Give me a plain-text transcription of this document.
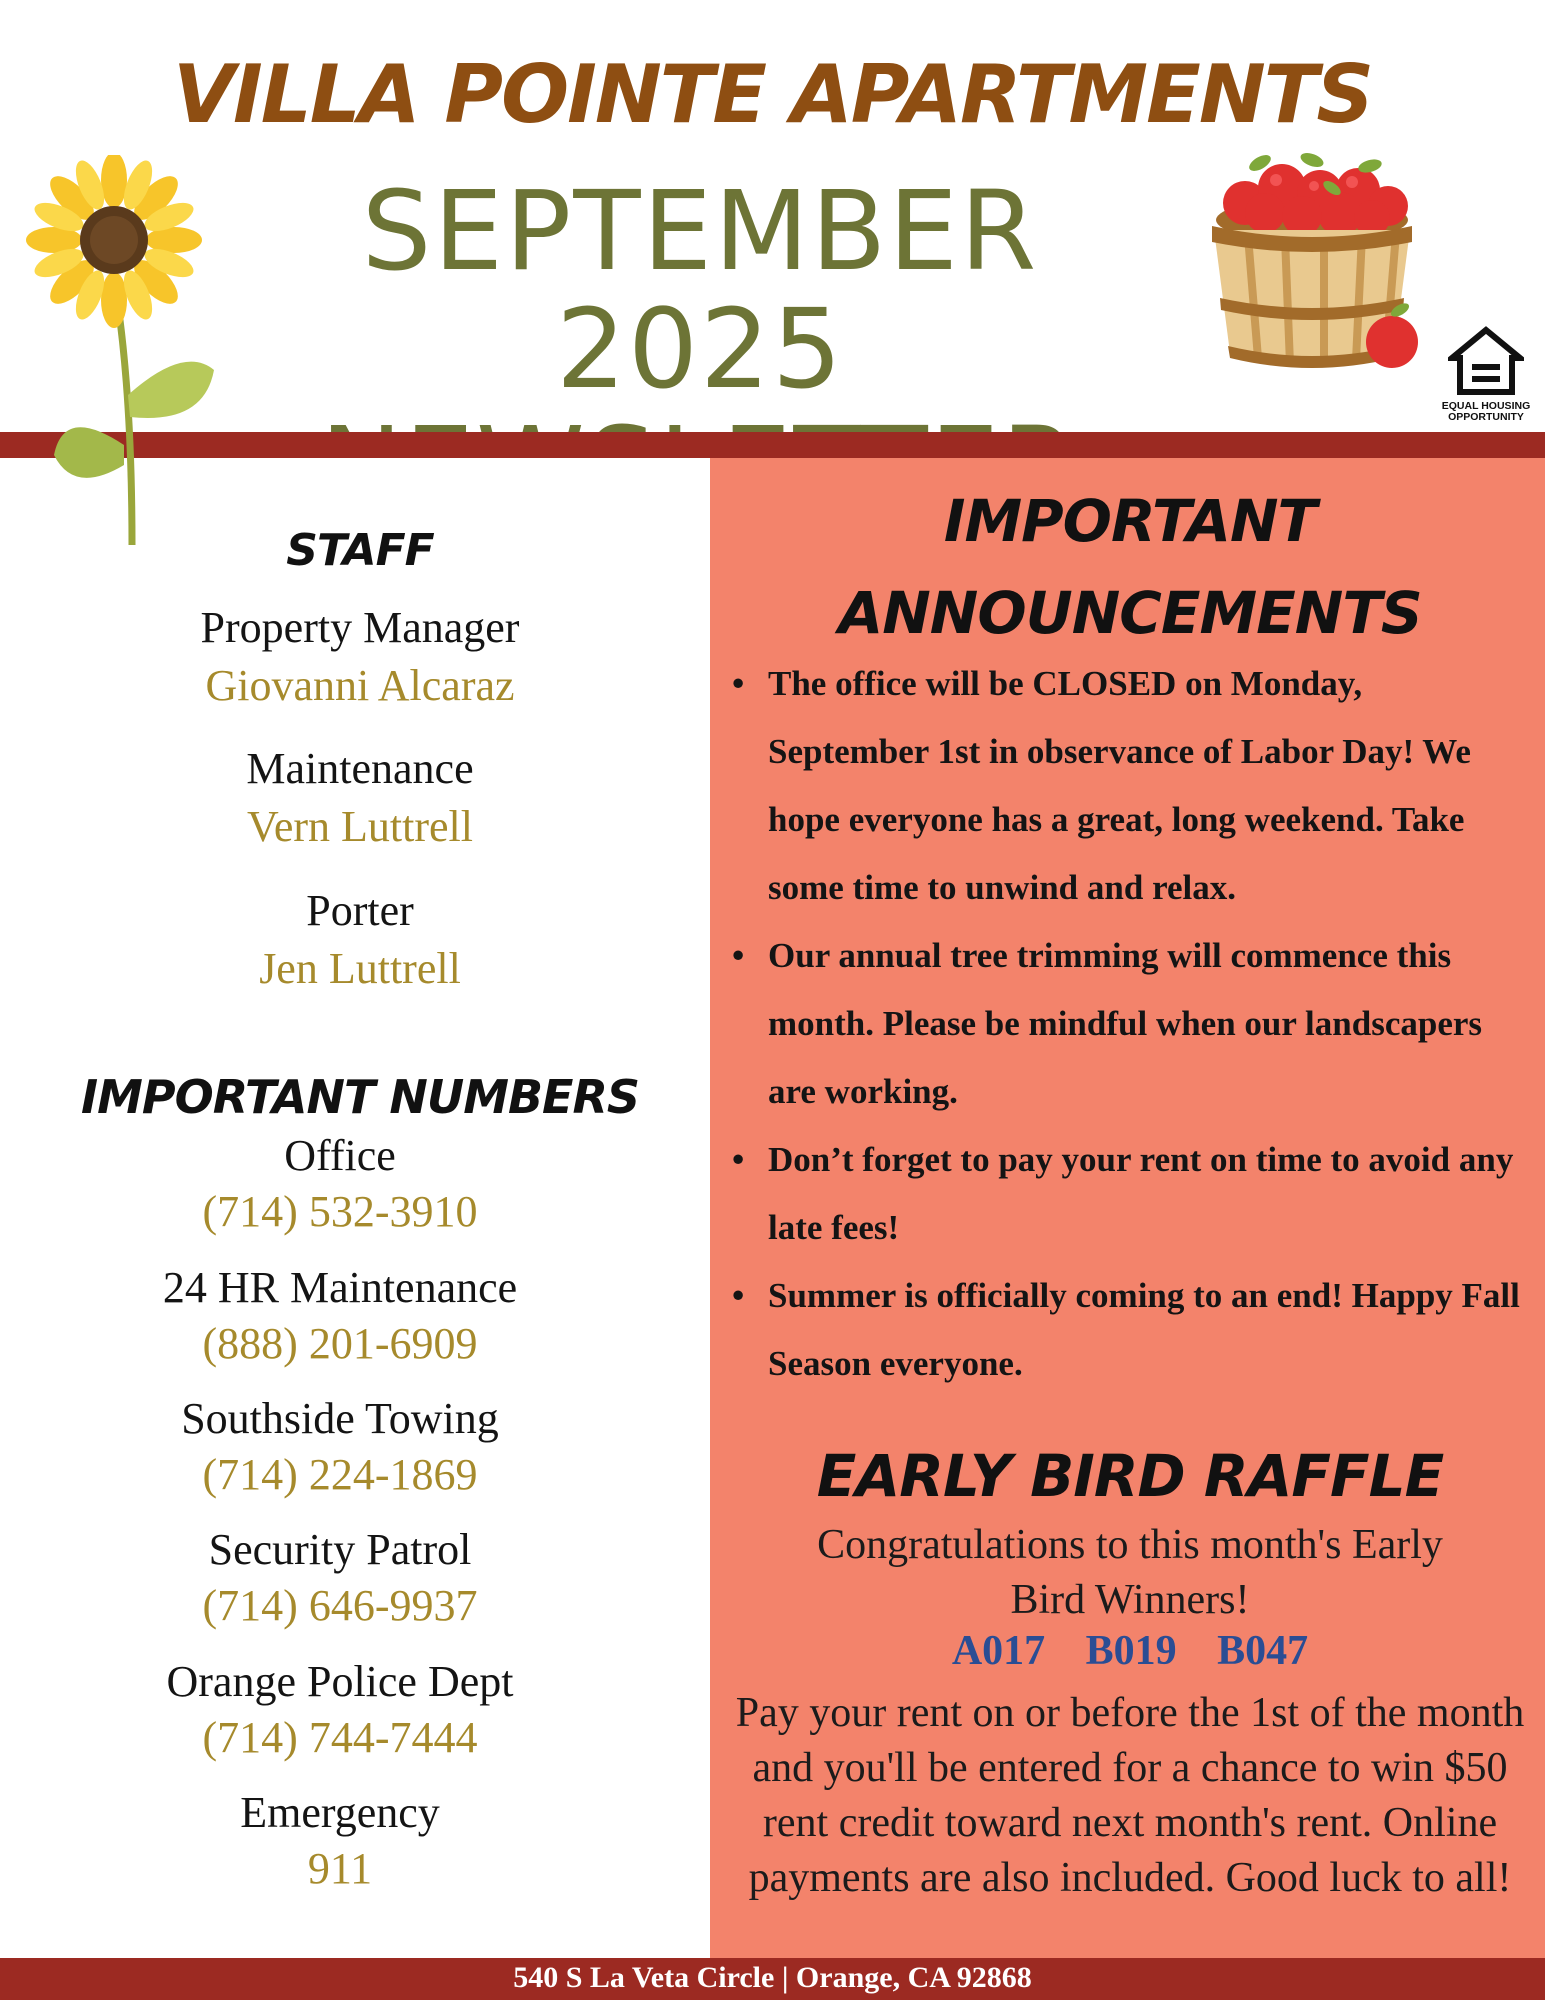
VILLA POINTE APARTMENTS
SEPTEMBER 2025	EQUAL HOUSING
OPPORTUNITY
STAFF
Property Manager
Giovanni Alcaraz
Maintenance
Vern Luttrell
Porter
Jen Luttrell
IMPORTANT NUMBERS
Office
(714) 532-3910
24 HR Maintenance
(888) 201-6909
Southside Towing
(714) 224-1869
Security Patrol
(714) 646-9937
Orange Police Dept
(714) 744-7444
Emergency
911
IMPORTANT
ANNOUNCEMENTS
• The office will be CLOSED on Monday, September 1st in observance of Labor Day! We hope everyone has a great, long weekend. Take some time to unwind and relax.
• Our annual tree trimming will commence this month. Please be mindful when our landscapers are working.
• Don’t forget to pay your rent on time to avoid any late fees!
• Summer is officially coming to an end! Happy Fall Season everyone.
EARLY BIRD RAFFLE
Congratulations to this month's Early Bird Winners!
A017 B019 B047
Pay your rent on or before the 1st of the month and you'll be entered for a chance to win $50 rent credit toward next month's rent. Online payments are also included. Good luck to all!
540 S La Veta Circle | Orange, CA 92868
